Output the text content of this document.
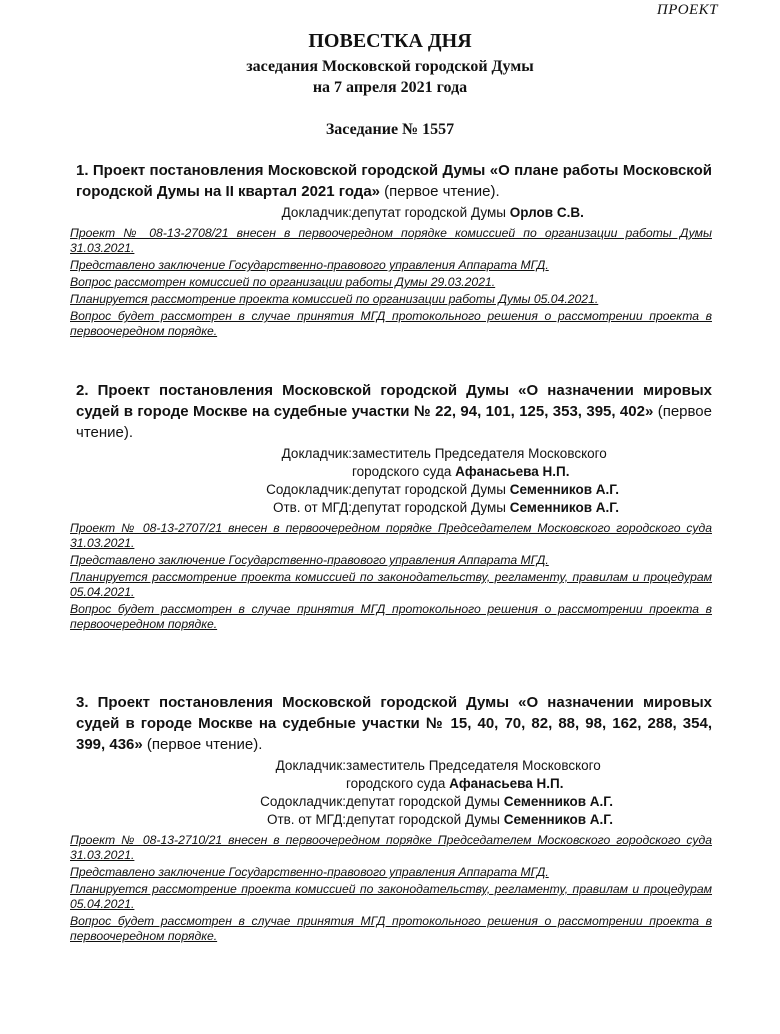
ПРОЕКТ
ПОВЕСТКА ДНЯ
заседания Московской городской Думы
на 7 апреля 2021 года
Заседание № 1557

1. Проект постановления Московской городской Думы «О плане работы Московской городской Думы на II квартал 2021 года» (первое чтение).

Докладчик: депутат городской Думы Орлов С.В.

Проект № 08-13-2708/21 внесен в первоочередном порядке комиссией по организации работы Думы 31.03.2021.

Представлено заключение Государственно-правового управления Аппарата МГД.

Вопрос рассмотрен комиссией по организации работы Думы 29.03.2021.

Планируется рассмотрение проекта комиссией по организации работы Думы 05.04.2021.

Вопрос будет рассмотрен в случае принятия МГД протокольного решения о рассмотрении проекта в первоочередном порядке.

2. Проект постановления Московской городской Думы «О назначении мировых судей в городе Москве на судебные участки № 22, 94, 101, 125, 353, 395, 402» (первое чтение).

Докладчик: заместитель Председателя Московского
городского суда Афанасьева Н.П.
Содокладчик: депутат городской Думы Семенников А.Г.
Отв. от МГД: депутат городской Думы Семенников А.Г.

Проект № 08-13-2707/21 внесен в первоочередном порядке Председателем Московского городского суда 31.03.2021.

Представлено заключение Государственно-правового управления Аппарата МГД.

Планируется рассмотрение проекта комиссией по законодательству, регламенту, правилам и процедурам 05.04.2021.

Вопрос будет рассмотрен в случае принятия МГД протокольного решения о рассмотрении проекта в первоочередном порядке.

3. Проект постановления Московской городской Думы «О назначении мировых судей в городе Москве на судебные участки № 15, 40, 70, 82, 88, 98, 162, 288, 354, 399, 436» (первое чтение).

Докладчик: заместитель Председателя Московского
городского суда Афанасьева Н.П.
Содокладчик: депутат городской Думы Семенников А.Г.
Отв. от МГД: депутат городской Думы Семенников А.Г.

Проект № 08-13-2710/21 внесен в первоочередном порядке Председателем Московского городского суда 31.03.2021.

Представлено заключение Государственно-правового управления Аппарата МГД.

Планируется рассмотрение проекта комиссией по законодательству, регламенту, правилам и процедурам 05.04.2021.

Вопрос будет рассмотрен в случае принятия МГД протокольного решения о рассмотрении проекта в первоочередном порядке.
